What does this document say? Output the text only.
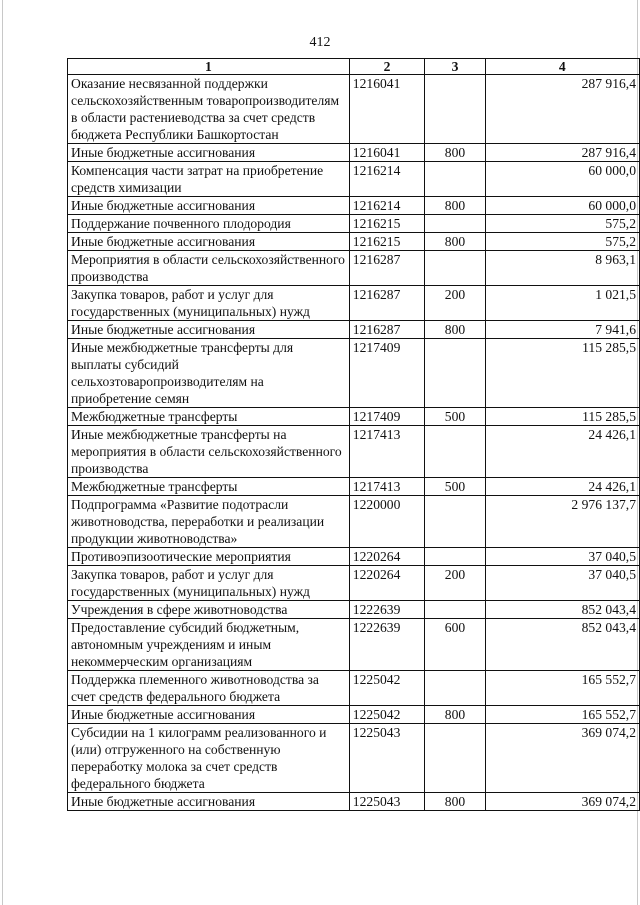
412
1	2	3	4
Оказание несвязанной поддержки сельскохозяйственным товаропроизводителям в области растениеводства за счет средств бюджета Республики Башкортостан	1216041		287 916,4
Иные бюджетные ассигнования	1216041	800	287 916,4
Компенсация части затрат на приобретение средств химизации	1216214		60 000,0
Иные бюджетные ассигнования	1216214	800	60 000,0
Поддержание почвенного плодородия	1216215		575,2
Иные бюджетные ассигнования	1216215	800	575,2
Мероприятия в области сельскохозяйственного производства	1216287		8 963,1
Закупка товаров, работ и услуг для государственных (муниципальных) нужд	1216287	200	1 021,5
Иные бюджетные ассигнования	1216287	800	7 941,6
Иные межбюджетные трансферты для выплаты субсидий сельхозтоваропроизводителям на приобретение семян	1217409		115 285,5
Межбюджетные трансферты	1217409	500	115 285,5
Иные межбюджетные трансферты на мероприятия в области сельскохозяйственного производства	1217413		24 426,1
Межбюджетные трансферты	1217413	500	24 426,1
Подпрограмма «Развитие подотрасли животноводства, переработки и реализации продукции животноводства»	1220000		2 976 137,7
Противоэпизоотические мероприятия	1220264		37 040,5
Закупка товаров, работ и услуг для государственных (муниципальных) нужд	1220264	200	37 040,5
Учреждения в сфере животноводства	1222639		852 043,4
Предоставление субсидий бюджетным, автономным учреждениям и иным некоммерческим организациям	1222639	600	852 043,4
Поддержка племенного животноводства за счет средств федерального бюджета	1225042		165 552,7
Иные бюджетные ассигнования	1225042	800	165 552,7
Субсидии на 1 килограмм реализованного и (или) отгруженного на собственную переработку молока за счет средств федерального бюджета	1225043		369 074,2
Иные бюджетные ассигнования	1225043	800	369 074,2
